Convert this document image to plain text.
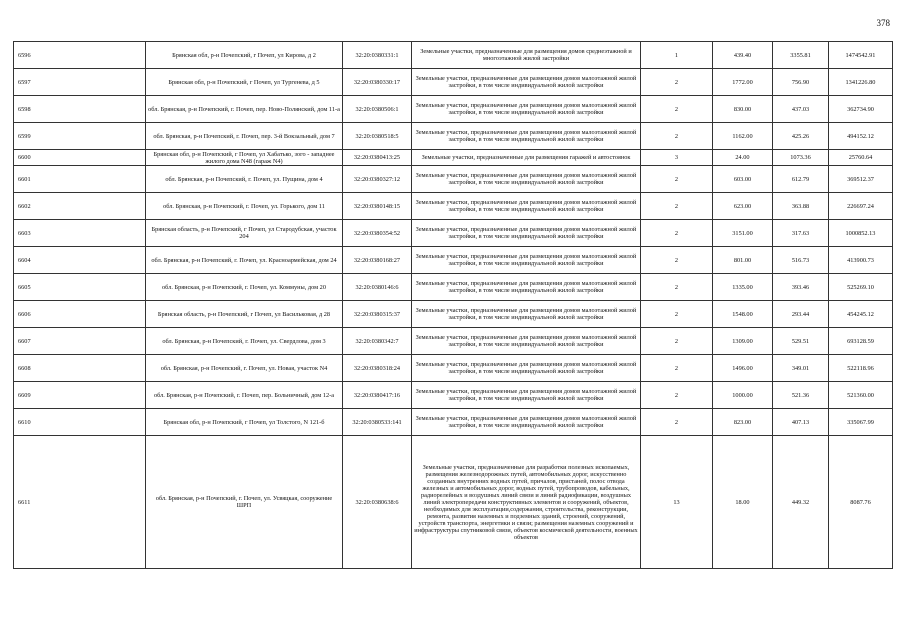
378
6596	Брянская обл, р-н Почепский, г Почеп, ул Кирова, д 2	32:20:0380331:1	Земельные участки, предназначенные для размещения домов среднеэтажной и многоэтажной жилой застройки	1	439.40	3355.81	1474542.91
6597	Брянская обл, р-н Почепский, г Почеп, ул Тургенева, д 5	32:20:0380330:17	Земельные участки, предназначенные для размещения домов малоэтажной жилой застройки, в том числе индивидуальной жилой застройки	2	1772.00	756.90	1341226.80
6598	обл. Брянская, р-н Почепский, г. Почеп, пер. Ново-Полянский, дом 11-а	32:20:0380506:1	Земельные участки, предназначенные для размещения домов малоэтажной жилой застройки, в том числе индивидуальной жилой застройки	2	830.00	437.03	362734.90
6599	обл. Брянская, р-н Почепский, г. Почеп, пер. 3-й Вокзальный, дом 7	32:20:0380518:5	Земельные участки, предназначенные для размещения домов малоэтажной жилой застройки, в том числе индивидуальной жилой застройки	2	1162.00	425.26	494152.12
6600	Брянская обл, р-н Почепский, г Почеп, ул Хабатько, зого - западнее жилого дома N48 (гараж N4)	32:20:0380413:25	Земельные участки, предназначенные для размещения гаражей и автостоянок	3	24.00	1073.36	25760.64
6601	обл. Брянская, р-н Почепский, г. Почеп, ул. Пущина, дом 4	32:20:0380327:12	Земельные участки, предназначенные для размещения домов малоэтажной жилой застройки, в том числе индивидуальной жилой застройки	2	603.00	612.79	369512.37
6602	обл. Брянская, р-н Почепский, г. Почеп, ул. Горького, дом 11	32:20:0380148:15	Земельные участки, предназначенные для размещения домов малоэтажной жилой застройки, в том числе индивидуальной жилой застройки	2	623.00	363.88	226697.24
6603	Брянская область, р-н Почепский, г Почеп, ул Стародубская, участок 204	32:20:0380354:52	Земельные участки, предназначенные для размещения домов малоэтажной жилой застройки, в том числе индивидуальной жилой застройки	2	3151.00	317.63	1000852.13
6604	обл. Брянская, р-н Почепский, г. Почеп, ул. Красноармейская, дом 24	32:20:0380168:27	Земельные участки, предназначенные для размещения домов малоэтажной жилой застройки, в том числе индивидуальной жилой застройки	2	801.00	516.73	413900.73
6605	обл. Брянская, р-н Почепский, г. Почеп, ул. Коммуны, дом 20	32:20:0380146:6	Земельные участки, предназначенные для размещения домов малоэтажной жилой застройки, в том числе индивидуальной жилой застройки	2	1335.00	393.46	525269.10
6606	Брянская область, р-н Почепский, г Почеп, ул Васильковая, д 28	32:20:0380315:37	Земельные участки, предназначенные для размещения домов малоэтажной жилой застройки, в том числе индивидуальной жилой застройки	2	1548.00	293.44	454245.12
6607	обл. Брянская, р-н Почепский, г. Почеп, ул. Свердлова, дом 3	32:20:0380342:7	Земельные участки, предназначенные для размещения домов малоэтажной жилой застройки, в том числе индивидуальной жилой застройки	2	1309.00	529.51	693128.59
6608	обл. Брянская, р-н Почепский, г. Почеп, ул. Новая, участок N4	32:20:0380318:24	Земельные участки, предназначенные для размещения домов малоэтажной жилой застройки, в том числе индивидуальной жилой застройки	2	1496.00	349.01	522118.96
6609	обл. Брянская, р-н Почепский, г. Почеп, пер. Больничный, дом 12-а	32:20:0380417:16	Земельные участки, предназначенные для размещения домов малоэтажной жилой застройки, в том числе индивидуальной жилой застройки	2	1000.00	521.36	521360.00
6610	Брянская обл, р-н Почепский, г Почеп, ул Толстого, N 121-б	32:20:0380533:141	Земельные участки, предназначенные для размещения домов малоэтажной жилой застройки, в том числе индивидуальной жилой застройки	2	823.00	407.13	335067.99
6611	обл. Брянская, р-н Почепский, г. Почеп, ул. Усвяцкая, сооружение ШРП	32:20:0380638:6	Земельные участки, предназначенные для разработки полезных ископаемых, размещения железнодорожных путей, автомобильных дорог, искусственно созданных внутренних водных путей, причалов, пристаней, полос отвода железных и автомобильных дорог, водных путей, трубопроводов, кабельных, радиорелейных и воздушных линий связи и линий радиофикации, воздушных линий электропередачи конструктивных элементов и сооружений, объектов, необходимых для эксплуатации,содержания, строительства, реконструкции, ремонта, развития наземных и подземных зданий, строений, сооружений, устройств транспорта, энергетики и связи; размещения наземных сооружений и инфраструктуры спутниковой связи, объектов космической деятельности, военных объектов	13	18.00	449.32	8087.76
